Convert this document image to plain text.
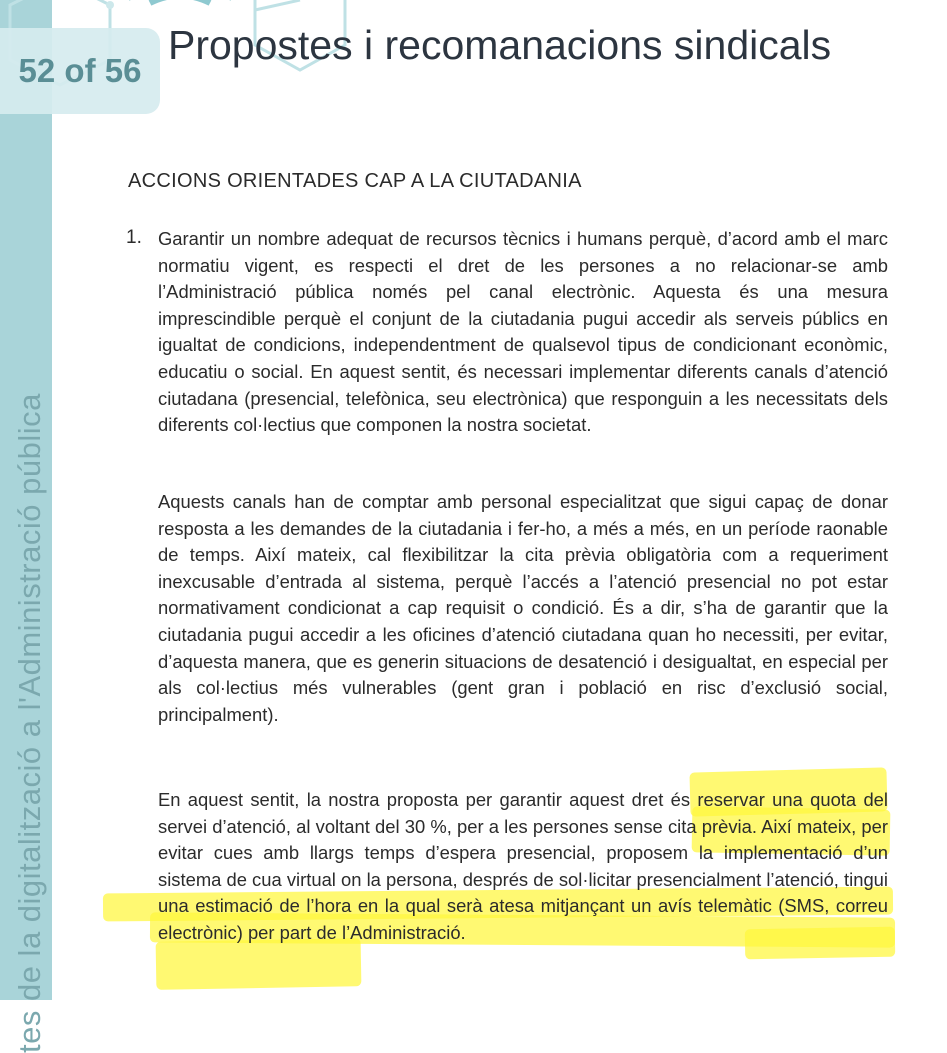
tes de la digitalització a l'Administració pública
52 of 56
Propostes i recomanacions sindicals
ACCIONS ORIENTADES CAP A LA CIUTADANIA
1. Garantir un nombre adequat de recursos tècnics i humans perquè, d’acord amb el marc normatiu vigent, es respecti el dret de les persones a no relacionar-se amb l’Administració pública només pel canal electrònic. Aquesta és una mesura imprescindible perquè el conjunt de la ciutadania pugui accedir als serveis públics en igualtat de condicions, independentment de qualsevol tipus de condicionant econòmic, educatiu o social. En aquest sentit, és necessari implementar diferents canals d’atenció ciutadana (presencial, telefònica, seu electrònica) que responguin a les necessitats dels diferents col·lectius que componen la nostra societat.

Aquests canals han de comptar amb personal especialitzat que sigui capaç de donar resposta a les demandes de la ciutadania i fer-ho, a més a més, en un període raonable de temps. Així mateix, cal flexibilitzar la cita prèvia obligatòria com a requeriment inexcusable d’entrada al sistema, perquè l’accés a l’atenció presencial no pot estar normativament condicionat a cap requisit o condició. És a dir, s’ha de garantir que la ciutadania pugui accedir a les oficines d’atenció ciutadana quan ho necessiti, per evitar, d’aquesta manera, que es generin situacions de desatenció i desigualtat, en especial per als col·lectius més vulnerables (gent gran i població en risc d’exclusió social, principalment).

En aquest sentit, la nostra proposta per garantir aquest dret és reservar una quota del servei d’atenció, al voltant del 30 %, per a les persones sense cita prèvia. Així mateix, per evitar cues amb llargs temps d’espera presencial, proposem la implementació d’un sistema de cua virtual on la persona, després de sol·licitar presencialment l’atenció, tingui una estimació de l’hora en la qual serà atesa mitjançant un avís telemàtic (SMS, correu electrònic) per part de l’Administració.
